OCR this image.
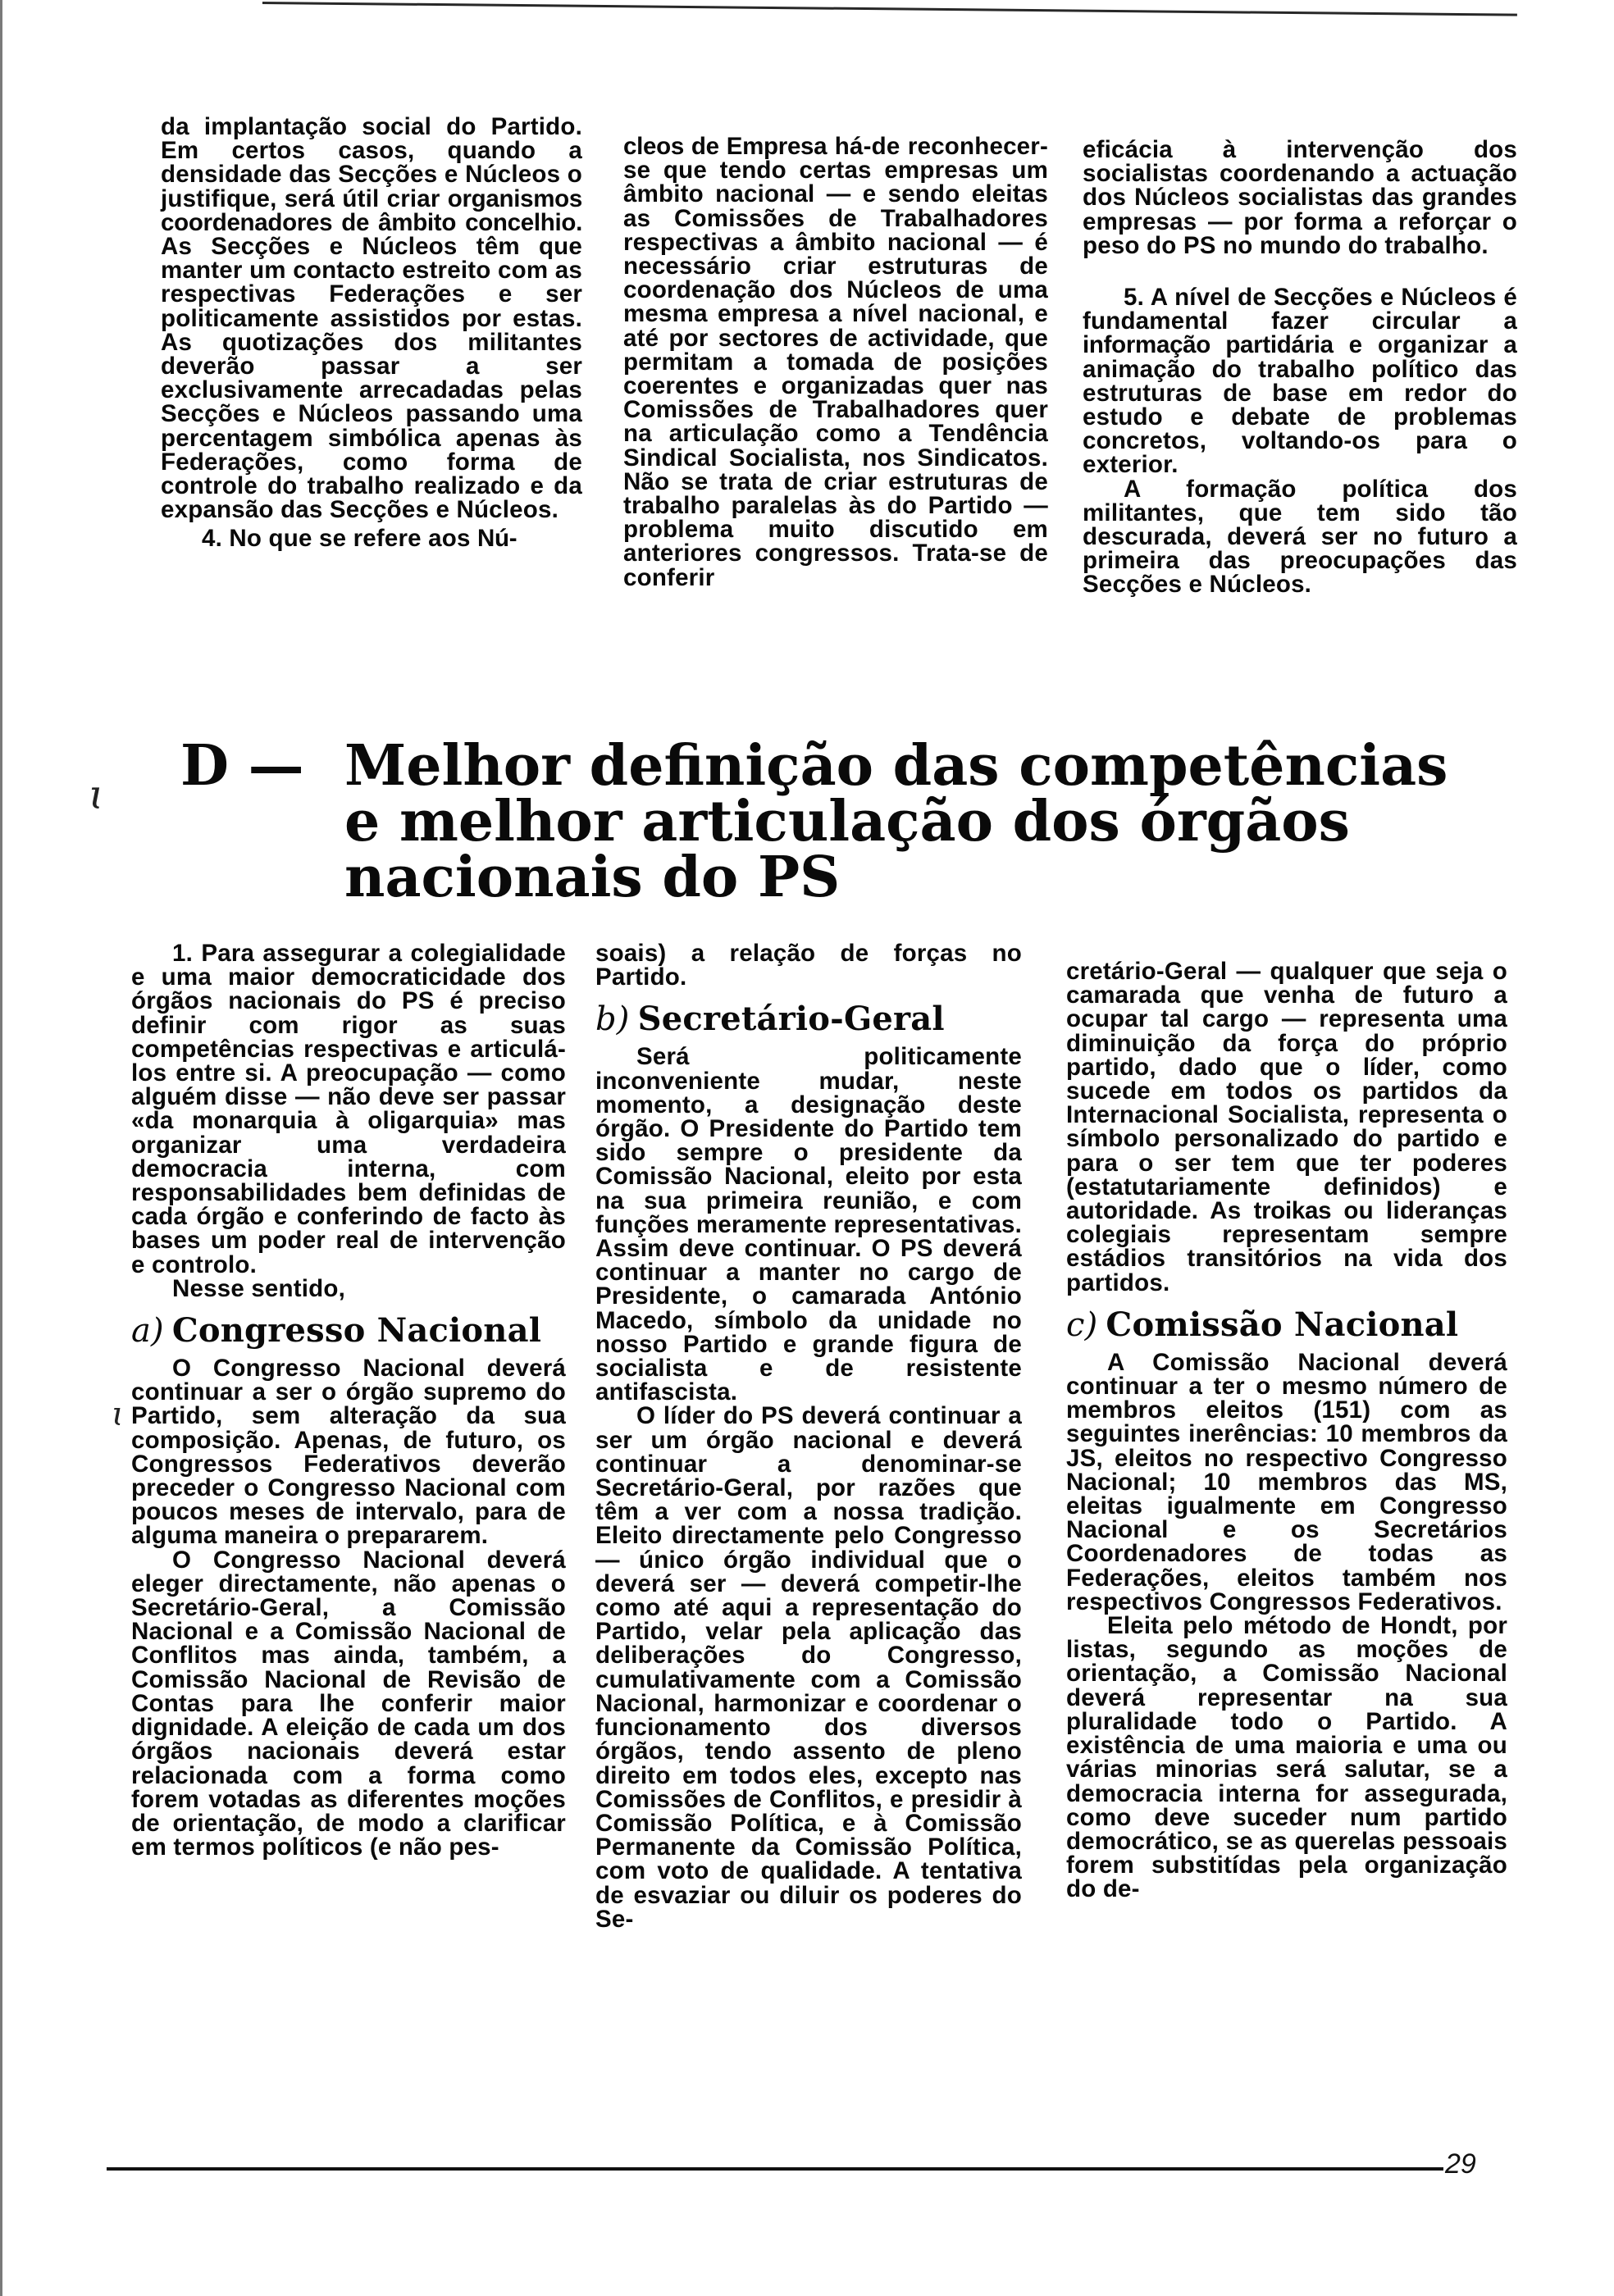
da implantação social do Partido. Em certos casos, quando a densidade das Secções e Núcleos o justifique, será útil criar organismos coordenadores de âmbito concelhio. As Secções e Núcleos têm que manter um contacto estreito com as respectivas Federações e ser politicamente assistidos por estas. As quotizações dos militantes deverão passar a ser exclusivamente arrecadadas pelas Secções e Núcleos passando uma percentagem simbólica apenas às Federações, como forma de controle do trabalho realizado e da expansão das Secções e Núcleos.

4. No que se refere aos Nú-

cleos de Empresa há-de reconhecer-se que tendo certas empresas um âmbito nacional — e sendo eleitas as Comissões de Trabalhadores respectivas a âmbito nacional — é necessário criar estruturas de coordenação dos Núcleos de uma mesma empresa a nível nacional, e até por sectores de actividade, que permitam a tomada de posições coerentes e organizadas quer nas Comissões de Trabalhadores quer na articulação como a Tendência Sindical Socialista, nos Sindicatos. Não se trata de criar estruturas de trabalho paralelas às do Partido — problema muito discutido em anteriores congressos. Trata-se de conferir

eficácia à intervenção dos socialistas coordenando a actuação dos Núcleos socialistas das grandes empresas — por forma a reforçar o peso do PS no mundo do trabalho.

5. A nível de Secções e Núcleos é fundamental fazer circular a informação partidária e organizar a animação do trabalho político das estruturas de base em redor do estudo e debate de problemas concretos, voltando-os para o exterior.

A formação política dos militantes, que tem sido tão descurada, deverá ser no futuro a primeira das preocupações das Secções e Núcleos.

ɩ D — Melhor definição das competências
e melhor articulação dos órgãos
nacionais do PS

1. Para assegurar a colegialidade e uma maior democraticidade dos órgãos nacionais do PS é preciso definir com rigor as suas competências respectivas e articulá-los entre si. A preocupação — como alguém disse — não deve ser passar «da monarquia à oligarquia» mas organizar uma verdadeira democracia interna, com responsabilidades bem definidas de cada órgão e conferindo de facto às bases um poder real de intervenção e controlo.

Nesse sentido,

a) Congresso Nacional

O Congresso Nacional deverá continuar a ser o órgão supremo do Partido, sem alteração da sua composição. Apenas, de futuro, os Congressos Federativos deverão preceder o Congresso Nacional com poucos meses de intervalo, para de alguma maneira o prepararem.

O Congresso Nacional deverá eleger directamente, não apenas o Secretário-Geral, a Comissão Nacional e a Comissão Nacional de Conflitos mas ainda, também, a Comissão Nacional de Revisão de Contas para lhe conferir maior dignidade. A eleição de cada um dos órgãos nacionais deverá estar relacionada com a forma como forem votadas as diferentes moções de orientação, de modo a clarificar em termos políticos (e não pes-

ɩ

soais) a relação de forças no Partido.

b) Secretário-Geral

Será politicamente inconveniente mudar, neste momento, a designação deste órgão. O Presidente do Partido tem sido sempre o presidente da Comissão Nacional, eleito por esta na sua primeira reunião, e com funções meramente representativas. Assim deve continuar. O PS deverá continuar a manter no cargo de Presidente, o camarada António Macedo, símbolo da unidade no nosso Partido e grande figura de socialista e de resistente antifascista.

O líder do PS deverá continuar a ser um órgão nacional e deverá continuar a denominar-se Secretário-Geral, por razões que têm a ver com a nossa tradição. Eleito directamente pelo Congresso — único órgão individual que o deverá ser — deverá competir-lhe como até aqui a representação do Partido, velar pela aplicação das deliberações do Congresso, cumulativamente com a Comissão Nacional, harmonizar e coordenar o funcionamento dos diversos órgãos, tendo assento de pleno direito em todos eles, excepto nas Comissões de Conflitos, e presidir à Comissão Política, e à Comissão Permanente da Comissão Política, com voto de qualidade. A tentativa de esvaziar ou diluir os poderes do Se-

cretário-Geral — qualquer que seja o camarada que venha de futuro a ocupar tal cargo — representa uma diminuição da força do próprio partido, dado que o líder, como sucede em todos os partidos da Internacional Socialista, representa o símbolo personalizado do partido e para o ser tem que ter poderes (estatutariamente definidos) e autoridade. As troikas ou lideranças colegiais representam sempre estádios transitórios na vida dos partidos.

c) Comissão Nacional

A Comissão Nacional deverá continuar a ter o mesmo número de membros eleitos (151) com as seguintes inerências: 10 membros da JS, eleitos no respectivo Congresso Nacional; 10 membros das MS, eleitas igualmente em Congresso Nacional e os Secretários Coordenadores de todas as Federações, eleitos também nos respectivos Congressos Federativos.

Eleita pelo método de Hondt, por listas, segundo as moções de orientação, a Comissão Nacional deverá representar na sua pluralidade todo o Partido. A existência de uma maioria e uma ou várias minorias será salutar, se a democracia interna for assegurada, como deve suceder num partido democrático, se as querelas pessoais forem substitídas pela organização do de-

29
